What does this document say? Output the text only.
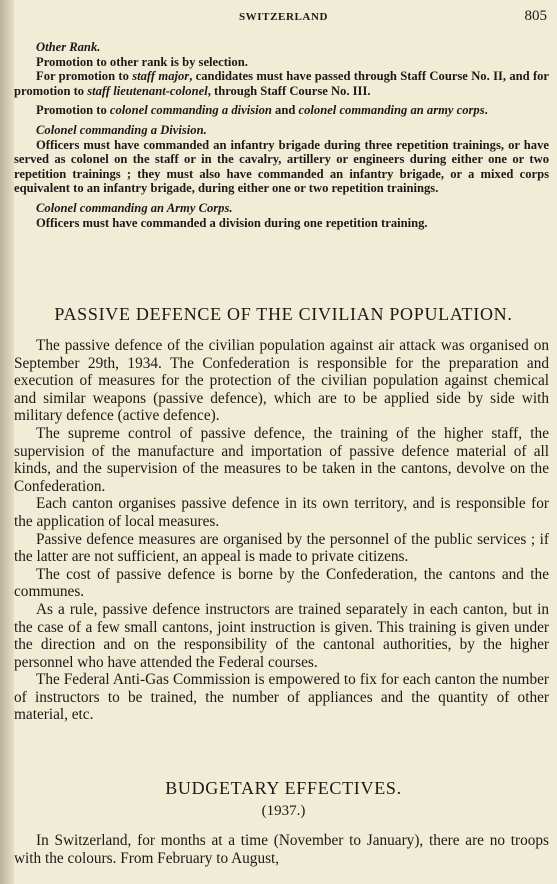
SWITZERLAND	805

Other Rank.

Promotion to other rank is by selection.

For promotion to staff major, candidates must have passed through Staff Course No. II, and for promotion to staff lieutenant-colonel, through Staff Course No. III.

Promotion to colonel commanding a division and colonel commanding an army corps.

Colonel commanding a Division.

Officers must have commanded an infantry brigade during three repetition trainings, or have served as colonel on the staff or in the cavalry, artillery or engineers during either one or two repetition trainings ; they must also have commanded an infantry brigade, or a mixed corps equivalent to an infantry brigade, during either one or two repetition trainings.

Colonel commanding an Army Corps.

Officers must have commanded a division during one repetition training.

PASSIVE DEFENCE OF THE CIVILIAN POPULATION.

The passive defence of the civilian population against air attack was organised on September 29th, 1934. The Confederation is responsible for the preparation and execution of measures for the protection of the civilian population against chemical and similar weapons (passive defence), which are to be applied side by side with military defence (active defence).

The supreme control of passive defence, the training of the higher staff, the supervision of the manufacture and importation of passive defence material of all kinds, and the supervision of the measures to be taken in the cantons, devolve on the Confederation.

Each canton organises passive defence in its own territory, and is responsible for the application of local measures.

Passive defence measures are organised by the personnel of the public services ; if the latter are not sufficient, an appeal is made to private citizens.

The cost of passive defence is borne by the Confederation, the cantons and the communes.

As a rule, passive defence instructors are trained separately in each canton, but in the case of a few small cantons, joint instruction is given. This training is given under the direction and on the responsibility of the cantonal authorities, by the higher personnel who have attended the Federal courses.

The Federal Anti-Gas Commission is empowered to fix for each canton the number of instructors to be trained, the number of appliances and the quantity of other material, etc.

BUDGETARY EFFECTIVES.
(1937.)

In Switzerland, for months at a time (November to January), there are no troops with the colours. From February to August,
